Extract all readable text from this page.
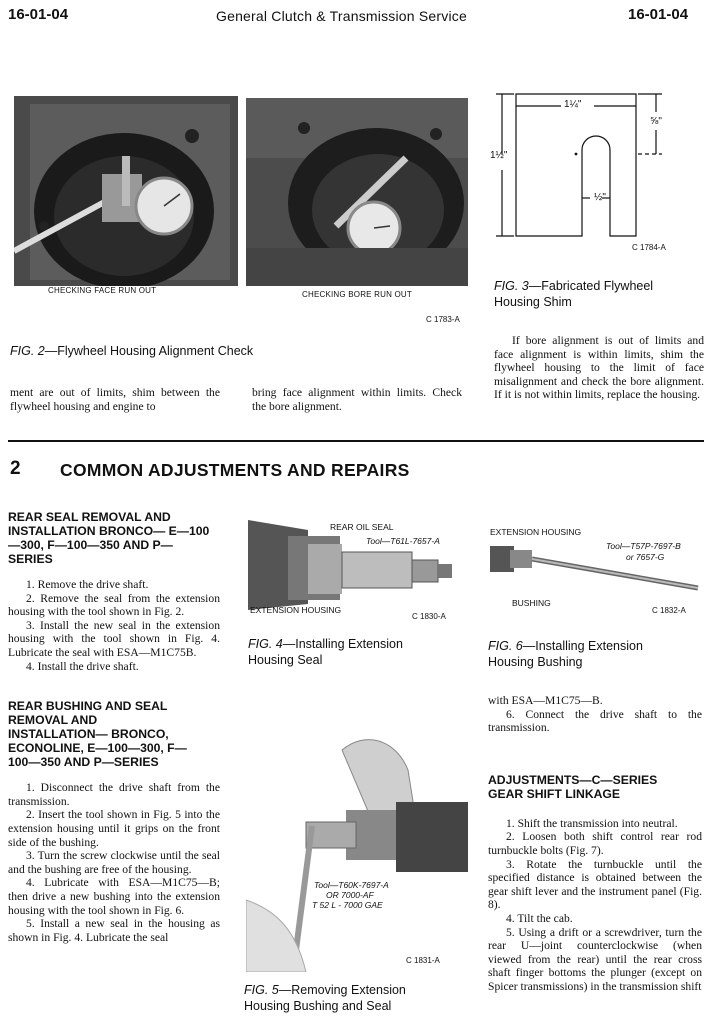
16-01-04	General Clutch & Transmission Service	16-01-04
CHECKING FACE RUN OUT	CHECKING BORE RUN OUT
C 1783-A
FIG. 2—Flywheel Housing Alignment Check
1¼"
⅝"
1½"
½"
C 1784-A
FIG. 3—Fabricated Flywheel
Housing Shim

ment are out of limits, shim between the flywheel housing and engine to

bring face alignment within limits. Check the bore alignment.

If bore alignment is out of limits and face alignment is within limits, shim the flywheel housing to the limit of face misalignment and check the bore alignment. If it is not within limits, replace the housing.

2 COMMON ADJUSTMENTS AND REPAIRS
REAR SEAL REMOVAL AND INSTALLATION BRONCO— E—100—300, F—100—350 AND P—SERIES

1. Remove the drive shaft.

2. Remove the seal from the extension housing with the tool shown in Fig. 2.

3. Install the new seal in the extension housing with the tool shown in Fig. 4. Lubricate the seal with ESA—M1C75B.

4. Install the drive shaft.

REAR BUSHING AND SEAL REMOVAL AND INSTALLATION— BRONCO, ECONOLINE, E—100—300, F—100—350 AND P—SERIES

1. Disconnect the drive shaft from the transmission.

2. Insert the tool shown in Fig. 5 into the extension housing until it grips on the front side of the bushing.

3. Turn the screw clockwise until the seal and the bushing are free of the housing.

4. Lubricate with ESA—M1C75—B; then drive a new bushing into the extension housing with the tool shown in Fig. 6.

5. Install a new seal in the housing as shown in Fig. 4. Lubricate the seal

REAR OIL SEAL
Tool—T61L-7657-A
EXTENSION HOUSING
C 1830-A
FIG. 4—Installing Extension
Housing Seal
Tool—T60K-7697-A
OR 7000-AF
T 52 L - 7000 GAE
C 1831-A
FIG. 5—Removing Extension
Housing Bushing and Seal
EXTENSION HOUSING
Tool—T57P-7697-B
or 7657-G
BUSHING
C 1832-A
FIG. 6—Installing Extension
Housing Bushing

with ESA—M1C75—B.

6. Connect the drive shaft to the transmission.

ADJUSTMENTS—C—SERIES GEAR SHIFT LINKAGE

1. Shift the transmission into neutral.

2. Loosen both shift control rear rod turnbuckle bolts (Fig. 7).

3. Rotate the turnbuckle until the specified distance is obtained between the gear shift lever and the instrument panel (Fig. 8).

4. Tilt the cab.

5. Using a drift or a screwdriver, turn the rear U—joint counterclockwise (when viewed from the rear) until the rear cross shaft finger bottoms the plunger (except on Spicer transmissions) in the transmission shift
